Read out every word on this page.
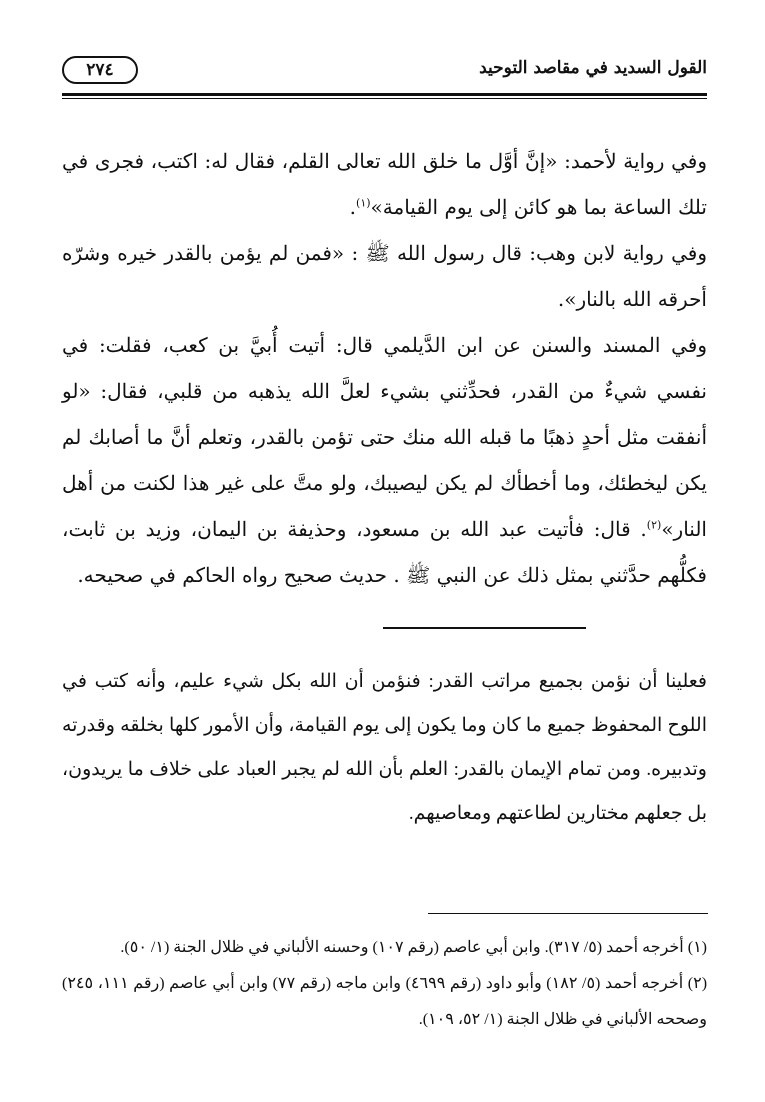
القول السديد في مقاصد التوحيد
٢٧٤

وفي رواية لأحمد: «إنَّ أوَّل ما خلق الله تعالى القلم، فقال له: اكتب، فجرى في تلك الساعة بما هو كائن إلى يوم القيامة»$^{(١)}$.

وفي رواية لابن وهب: قال رسول الله ﷺ : «فمن لم يؤمن بالقدر خيره وشرّه أحرقه الله بالنار».

وفي المسند والسنن عن ابن الدَّيلمي قال: أتيت أُبيَّ بن كعب، فقلت: في نفسي شيءٌ من القدر، فحدِّثني بشيء لعلَّ الله يذهبه من قلبي، فقال: «لو أنفقت مثل أحدٍ ذهبًا ما قبله الله منك حتى تؤمن بالقدر، وتعلم أنَّ ما أصابك لم يكن ليخطئك، وما أخطأك لم يكن ليصيبك، ولو متَّ على غير هذا لكنت من أهل النار»$^{(٢)}$. قال: فأتيت عبد الله بن مسعود، وحذيفة بن اليمان، وزيد بن ثابت، فكلُّهم حدَّثني بمثل ذلك عن النبي ﷺ . حديث صحيح رواه الحاكم في صحيحه.

فعلينا أن نؤمن بجميع مراتب القدر: فنؤمن أن الله بكل شيء عليم، وأنه كتب في اللوح المحفوظ جميع ما كان وما يكون إلى يوم القيامة، وأن الأمور كلها بخلقه وقدرته وتدبيره. ومن تمام الإيمان بالقدر: العلم بأن الله لم يجبر العباد على خلاف ما يريدون، بل جعلهم مختارين لطاعتهم ومعاصيهم.

(١) أخرجه أحمد (٥/ ٣١٧). وابن أبي عاصم (رقم ١٠٧) وحسنه الألباني في ظلال الجنة (١/ ٥٠).

(٢) أخرجه أحمد (٥/ ١٨٢) وأبو داود (رقم ٤٦٩٩) وابن ماجه (رقم ٧٧) وابن أبي عاصم (رقم ١١١، ٢٤٥) وصححه الألباني في ظلال الجنة (١/ ٥٢، ١٠٩).
